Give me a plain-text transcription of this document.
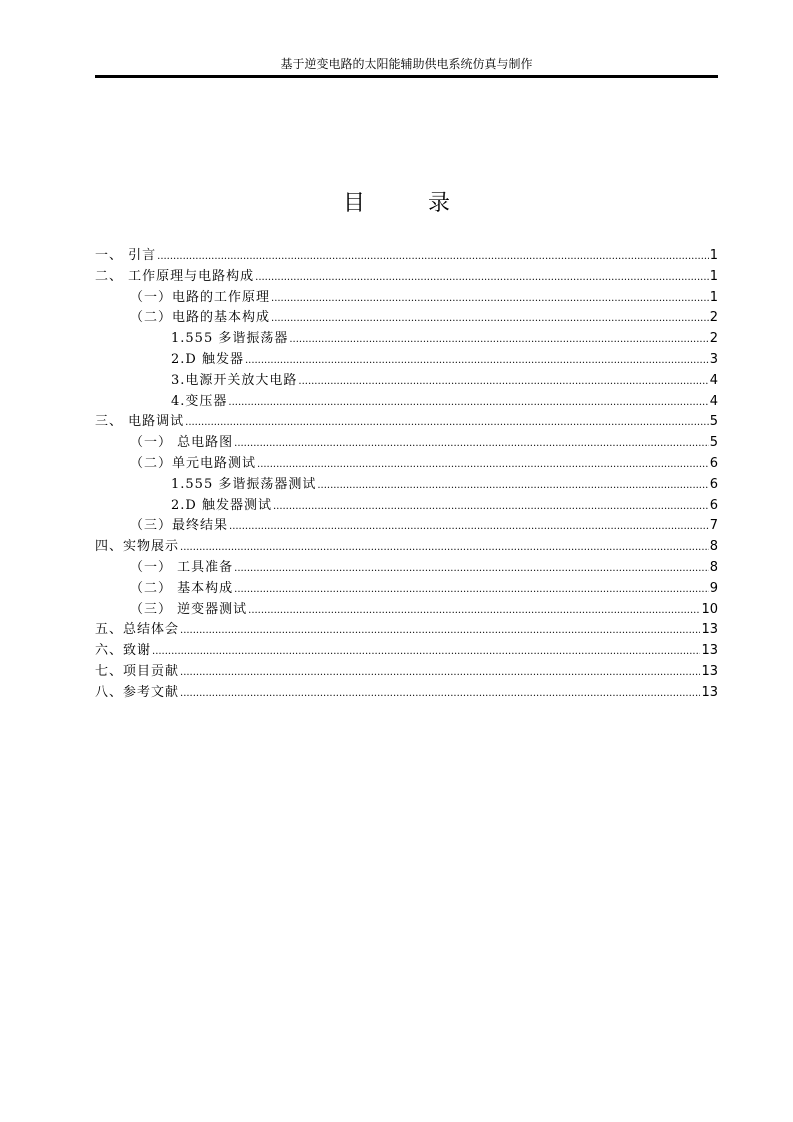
基于逆变电路的太阳能辅助供电系统仿真与制作
目 录
一、 引言 .....	1
二、 工作原理与电路构成 .....	1
（一）电路的工作原理 .....	1
（二）电路的基本构成 .....	2
1.555 多谐振荡器 .....	2
2.D 触发器 .....	3
3.电源开关放大电路 .....	4
4.变压器 .....	4
三、 电路调试 .....	5
（一） 总电路图 .....	5
（二）单元电路测试 .....	6
1.555 多谐振荡器测试 .....	6
2.D 触发器测试 .....	6
（三）最终结果 .....	7
四、实物展示 .....	8
（一） 工具准备 .....	8
（二） 基本构成 .....	9
（三） 逆变器测试 .....	10
五、总结体会 .....	13
六、致谢 .....	13
七、项目贡献 .....	13
八、参考文献 .....	13
